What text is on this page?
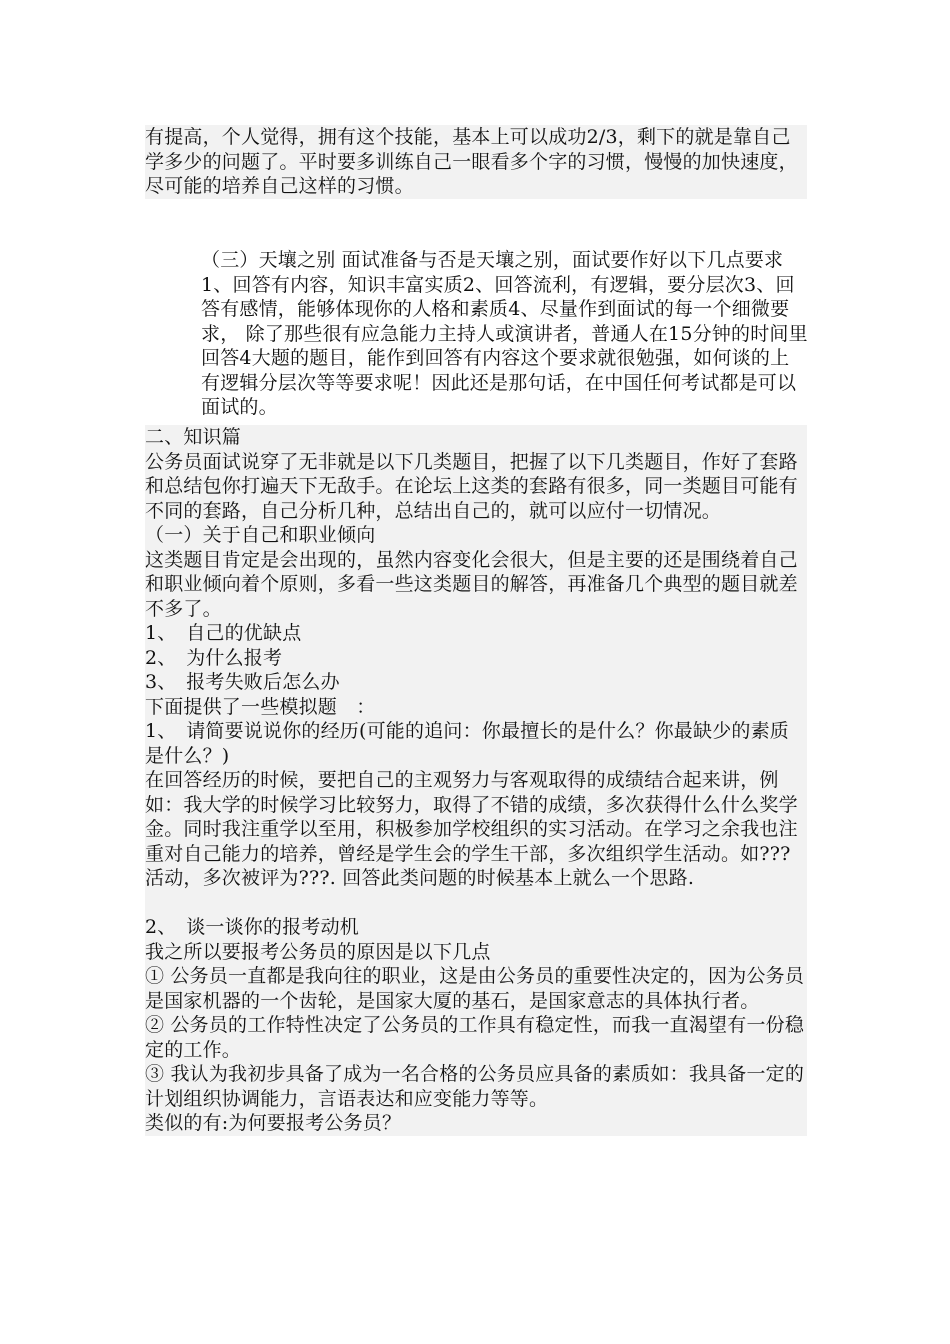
有提高，个人觉得，拥有这个技能，基本上可以成功2/3，剩下的就是靠自己学多少的问题了。平时要多训练自己一眼看多个字的习惯，慢慢的加快速度，尽可能的培养自己这样的习惯。

（三）天壤之别 面试准备与否是天壤之别，面试要作好以下几点要求1、回答有内容，知识丰富实质2、回答流利，有逻辑，要分层次3、回答有感情，能够体现你的人格和素质4、尽量作到面试的每一个细微要求， 除了那些很有应急能力主持人或演讲者，普通人在15分钟的时间里回答4大题的题目，能作到回答有内容这个要求就很勉强，如何谈的上有逻辑分层次等等要求呢！因此还是那句话，在中国任何考试都是可以面试的。

二、知识篇

公务员面试说穿了无非就是以下几类题目，把握了以下几类题目，作好了套路和总结包你打遍天下无敌手。在论坛上这类的套路有很多，同一类题目可能有不同的套路，自己分析几种，总结出自己的，就可以应付一切情况。

（一）关于自己和职业倾向

这类题目肯定是会出现的，虽然内容变化会很大，但是主要的还是围绕着自己和职业倾向着个原则，多看一些这类题目的解答，再准备几个典型的题目就差不多了。

1、　自己的优缺点

2、　为什么报考

3、　报考失败后怎么办

下面提供了一些模拟题　：

1、　请简要说说你的经历(可能的追问：你最擅长的是什么？你最缺少的素质是什么？)

在回答经历的时候，要把自己的主观努力与客观取得的成绩结合起来讲，例如：我大学的时候学习比较努力，取得了不错的成绩，多次获得什么什么奖学金。同时我注重学以至用，积极参加学校组织的实习活动。在学习之余我也注重对自己能力的培养，曾经是学生会的学生干部，多次组织学生活动。如???活动，多次被评为???. 回答此类问题的时候基本上就么一个思路.

2、　谈一谈你的报考动机

我之所以要报考公务员的原因是以下几点

① 公务员一直都是我向往的职业，这是由公务员的重要性决定的，因为公务员是国家机器的一个齿轮，是国家大厦的基石，是国家意志的具体执行者。

② 公务员的工作特性决定了公务员的工作具有稳定性，而我一直渴望有一份稳定的工作。

③ 我认为我初步具备了成为一名合格的公务员应具备的素质如：我具备一定的计划组织协调能力，言语表达和应变能力等等。

类似的有:为何要报考公务员？
